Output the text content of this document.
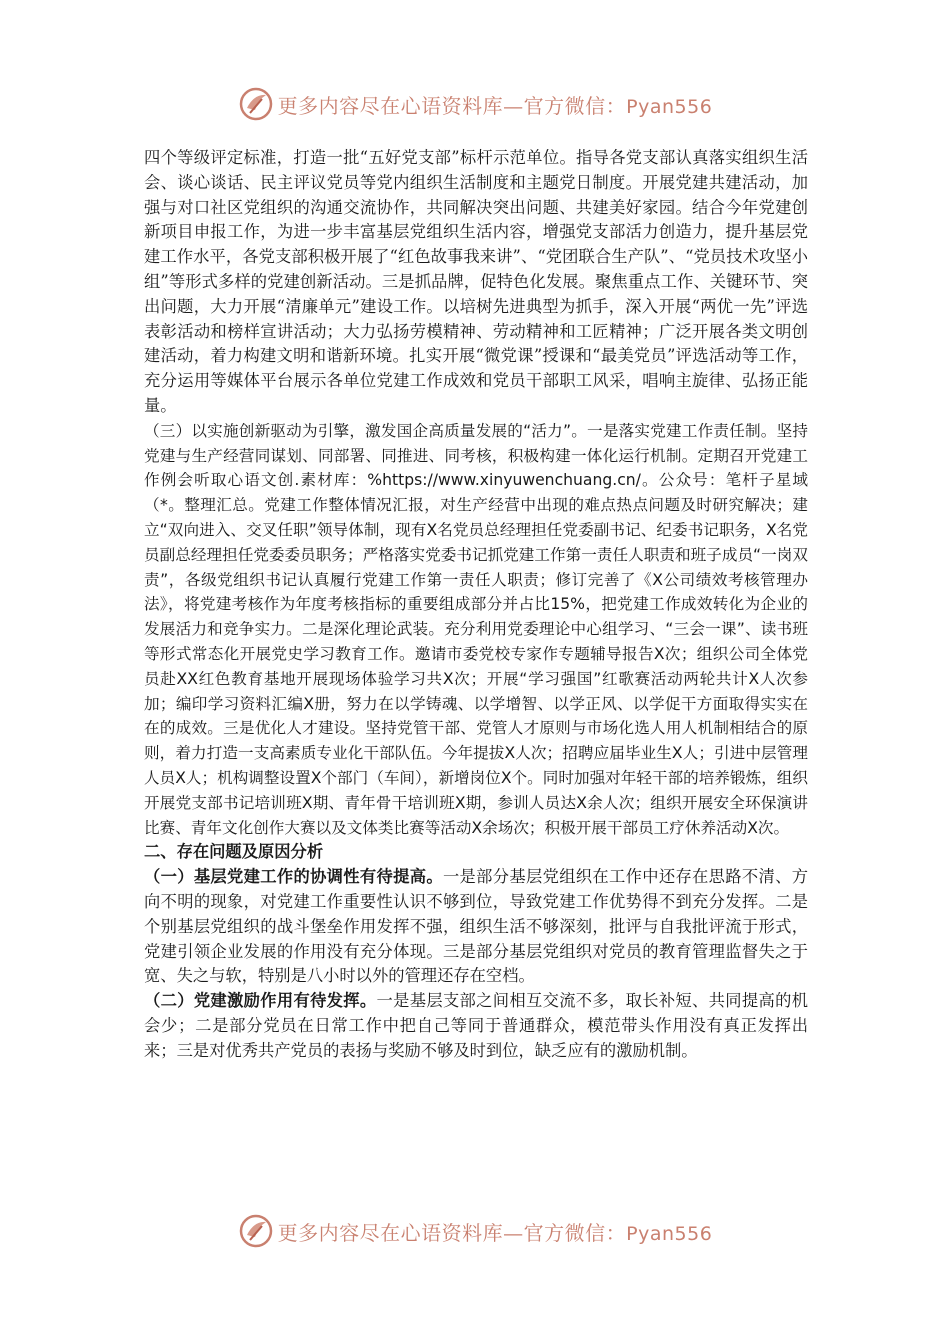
更多内容尽在心语资料库—官方微信：Pyan556

四个等级评定标准，打造一批“五好党支部”标杆示范单位。指导各党支部认真落实组织生活会、谈心谈话、民主评议党员等党内组织生活制度和主题党日制度。开展党建共建活动，加强与对口社区党组织的沟通交流协作，共同解决突出问题、共建美好家园。结合今年党建创新项目申报工作，为进一步丰富基层党组织生活内容，增强党支部活力创造力，提升基层党建工作水平，各党支部积极开展了“红色故事我来讲”、“党团联合生产队”、“党员技术攻坚小组”等形式多样的党建创新活动。三是抓品牌，促特色化发展。聚焦重点工作、关键环节、突出问题，大力开展“清廉单元”建设工作。以培树先进典型为抓手，深入开展“两优一先”评选表彰活动和榜样宣讲活动；大力弘扬劳模精神、劳动精神和工匠精神；广泛开展各类文明创建活动，着力构建文明和谐新环境。扎实开展“微党课”授课和“最美党员”评选活动等工作，充分运用等媒体平台展示各单位党建工作成效和党员干部职工风采，唱响主旋律、弘扬正能量。

（三）以实施创新驱动为引擎，激发国企高质量发展的“活力”。一是落实党建工作责任制。坚持党建与生产经营同谋划、同部署、同推进、同考核，积极构建一体化运行机制。定期召开党建工作例会听取心语文创.素材库：%https://www.xinyuwenchuang.cn/。公众号：笔杆子星域（*。整理汇总。党建工作整体情况汇报，对生产经营中出现的难点热点问题及时研究解决；建立“双向进入、交叉任职”领导体制，现有X名党员总经理担任党委副书记、纪委书记职务，X名党员副总经理担任党委委员职务；严格落实党委书记抓党建工作第一责任人职责和班子成员“一岗双责”，各级党组织书记认真履行党建工作第一责任人职责；修订完善了《X公司绩效考核管理办法》，将党建考核作为年度考核指标的重要组成部分并占比15%，把党建工作成效转化为企业的发展活力和竞争实力。二是深化理论武装。充分利用党委理论中心组学习、“三会一课”、读书班等形式常态化开展党史学习教育工作。邀请市委党校专家作专题辅导报告X次；组织公司全体党员赴XX红色教育基地开展现场体验学习共X次；开展“学习强国”红歌赛活动两轮共计X人次参加；编印学习资料汇编X册，努力在以学铸魂、以学增智、以学正风、以学促干方面取得实实在在的成效。三是优化人才建设。坚持党管干部、党管人才原则与市场化选人用人机制相结合的原则，着力打造一支高素质专业化干部队伍。今年提拔X人次；招聘应届毕业生X人；引进中层管理人员X人；机构调整设置X个部门（车间），新增岗位X个。同时加强对年轻干部的培养锻炼，组织开展党支部书记培训班X期、青年骨干培训班X期，参训人员达X余人次；组织开展安全环保演讲比赛、青年文化创作大赛以及文体类比赛等活动X余场次；积极开展干部员工疗休养活动X次。

二、存在问题及原因分析

（一）基层党建工作的协调性有待提高。一是部分基层党组织在工作中还存在思路不清、方向不明的现象，对党建工作重要性认识不够到位，导致党建工作优势得不到充分发挥。二是个别基层党组织的战斗堡垒作用发挥不强，组织生活不够深刻，批评与自我批评流于形式，党建引领企业发展的作用没有充分体现。三是部分基层党组织对党员的教育管理监督失之于宽、失之与软，特别是八小时以外的管理还存在空档。

（二）党建激励作用有待发挥。一是基层支部之间相互交流不多，取长补短、共同提高的机会少；二是部分党员在日常工作中把自己等同于普通群众，模范带头作用没有真正发挥出来；三是对优秀共产党员的表扬与奖励不够及时到位，缺乏应有的激励机制。

更多内容尽在心语资料库—官方微信：Pyan556
